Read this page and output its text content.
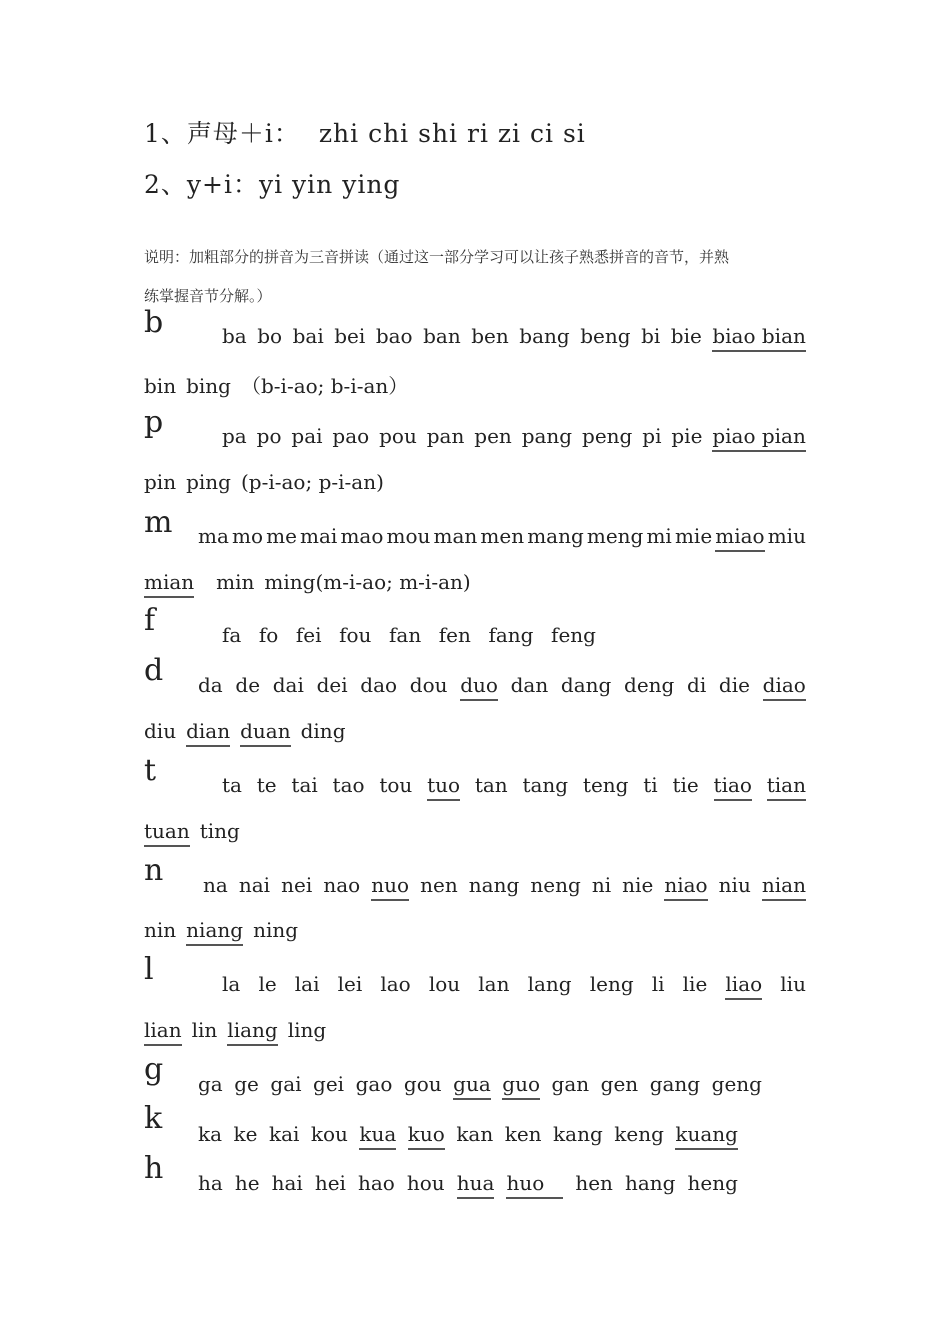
1、声母＋i： zhi chi shi ri zi ci si
2、y+i：yi yin ying
说明：加粗部分的拼音为三音拼读（通过这一部分学习可以让孩子熟悉拼音的音节，并熟
练掌握音节分解。）
b	ba bo bai bei bao ban ben bang beng bi bie biao bian
bin bing （b-i-ao; b-i-an）
p	pa po pai pao pou pan pen pang peng pi pie piao pian
pin ping (p-i-ao; p-i-an)
m ma mo me mai mao mou man men mang meng mi mie miao miu
mian min ming(m-i-ao; m-i-an)
f	fa fo fei fou fan fen fang feng
d da de dai dei dao dou duo dan dang deng di die diao
diu dian duan ding
t	ta te tai tao tou tuo tan tang teng ti tie tiao tian
tuan ting
n na nai nei nao nuo nen nang neng ni nie niao niu nian
nin niang ning
l	la le lai lei lao lou lan lang leng li lie liao liu
lian lin liang ling
g ga ge gai gei gao gou gua guo gan gen gang geng
k ka ke kai kou kua kuo kan ken kang keng kuang
h ha he hai hei hao hou hua huo hen hang heng
